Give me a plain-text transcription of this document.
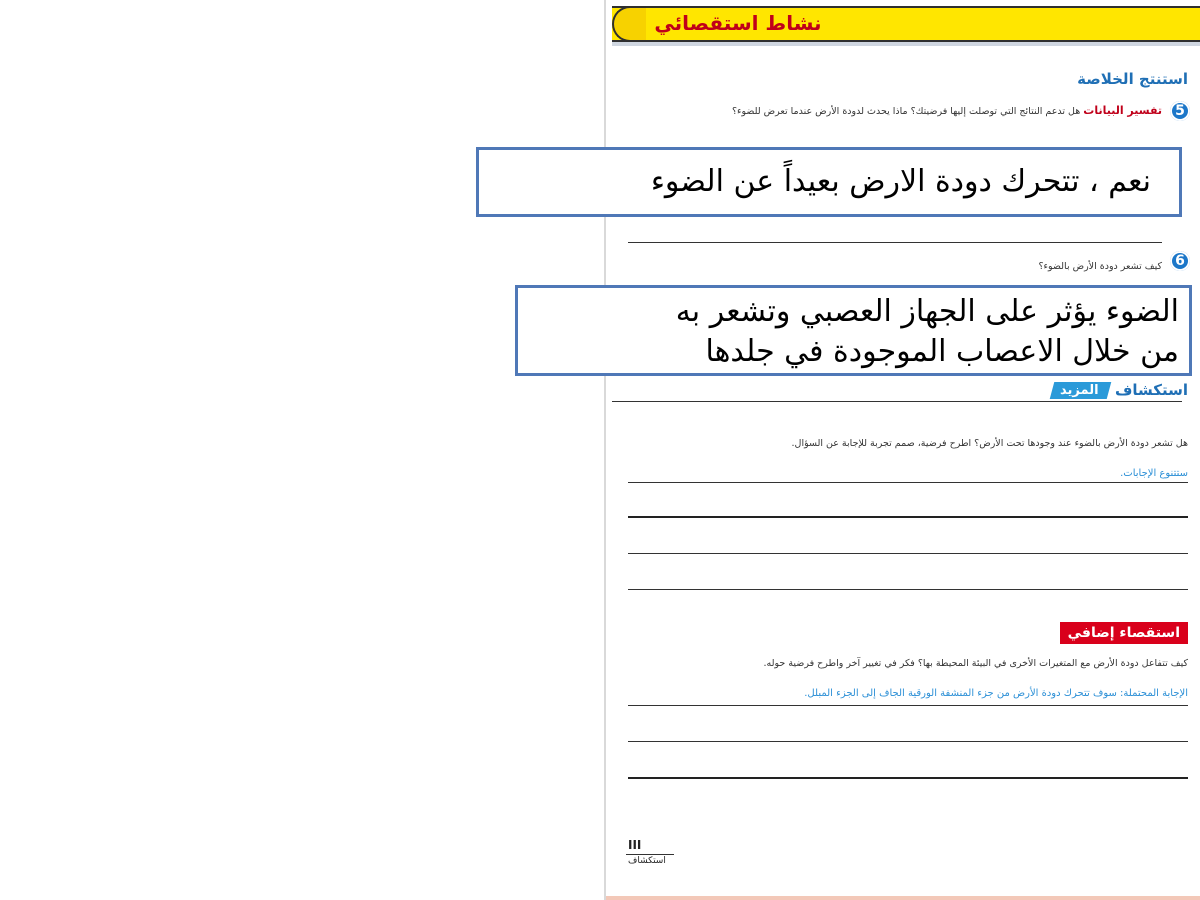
نشاط استقصائي
استنتج الخلاصة
5
تفسير البيانات هل تدعم النتائج التي توصلت إليها فرضيتك؟ ماذا يحدث لدودة الأرض عندما تعرض للضوء؟
نعم ، تتحرك دودة الارض بعيداً عن الضوء
6
كيف تشعر دودة الأرض بالضوء؟
الضوء يؤثر على الجهاز العصبي وتشعر به
من خلال الاعصاب الموجودة في جلدها
استكشاف
المزيد
هل تشعر دودة الأرض بالضوء عند وجودها تحت الأرض؟ اطرح فرضية، صمم تجربة للإجابة عن السؤال.
ستتنوع الإجابات.
استقصاء إضافي
كيف تتفاعل دودة الأرض مع المتغيرات الأخرى في البيئة المحيطة بها؟ فكر في تغيير آخر واطرح فرضية حوله.
الإجابة المحتملة: سوف تتحرك دودة الأرض من جزء المنشفة الورقية الجاف إلى الجزء المبلل.
III
استكشاف
